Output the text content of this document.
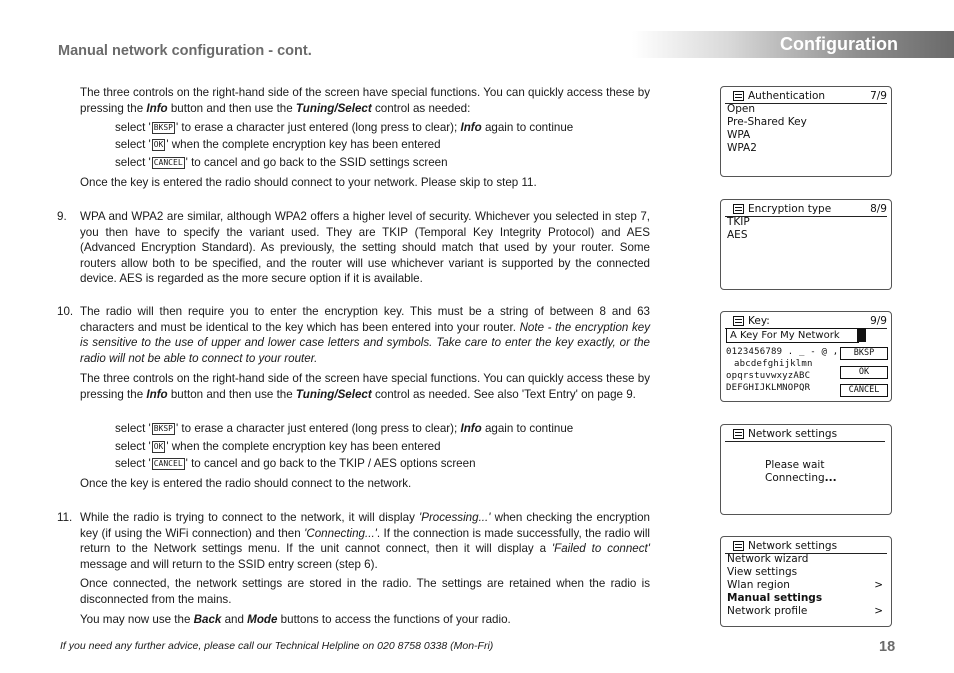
Manual network configuration - cont.	Configuration
The three controls on the right-hand side of the screen have special functions. You can quickly access these by pressing the Info button and then use the Tuning/Select control as needed:
select ' BKSP ' to erase a character just entered (long press to clear); Info again to continue
select ' OK ' when the complete encryption key has been entered
select ' CANCEL ' to cancel and go back to the SSID settings screen
Once the key is entered the radio should connect to your network. Please skip to step 11.
9. WPA and WPA2 are similar, although WPA2 offers a higher level of security. Whichever you selected in step 7, you then have to specify the variant used. They are TKIP (Temporal Key Integrity Protocol) and AES (Advanced Encryption Standard). As previously, the setting should match that used by your router. Some routers allow both to be specified, and the router will use whichever variant is supported by the connected device. AES is regarded as the more secure option if it is available.
10. The radio will then require you to enter the encryption key. This must be a string of between 8 and 63 characters and must be identical to the key which has been entered into your router. Note - the encryption key is sensitive to the use of upper and lower case letters and symbols. Take care to enter the key exactly, or the radio will not be able to connect to your router.
The three controls on the right-hand side of the screen have special functions. You can quickly access these by pressing the Info button and then use the Tuning/Select control as needed. See also 'Text Entry' on page 9.
select ' BKSP ' to erase a character just entered (long press to clear); Info again to continue
select ' OK ' when the complete encryption key has been entered
select ' CANCEL ' to cancel and go back to the TKIP / AES options screen
Once the key is entered the radio should connect to the network.
11. While the radio is trying to connect to the network, it will display 'Processing...' when checking the encryption key (if using the WiFi connection) and then 'Connecting...'. If the connection is made successfully, the radio will return to the Network settings menu. If the unit cannot connect, then it will display a 'Failed to connect' message and will return to the SSID entry screen (step 6).
Once connected, the network settings are stored in the radio. The settings are retained when the radio is disconnected from the mains.
You may now use the Back and Mode buttons to access the functions of your radio.
If you need any further advice, please call our Technical Helpline on 020 8758 0338 (Mon-Fri)	18
Authentication	7/9
Open
Pre-Shared Key
WPA
WPA2
Encryption type	8/9
TKIP
AES
Key:	9/9
A Key For My Network
0123456789 . _ - @ ,
abcdefghijklmn
opqrstuvwxyzABC
DEFGHIJKLMNOPQR
BKSP
OK
CANCEL
Network settings
Please wait
Connecting ...
Network settings
Network wizard
View settings
Wlan region	>
Manual settings
Network profile	>
